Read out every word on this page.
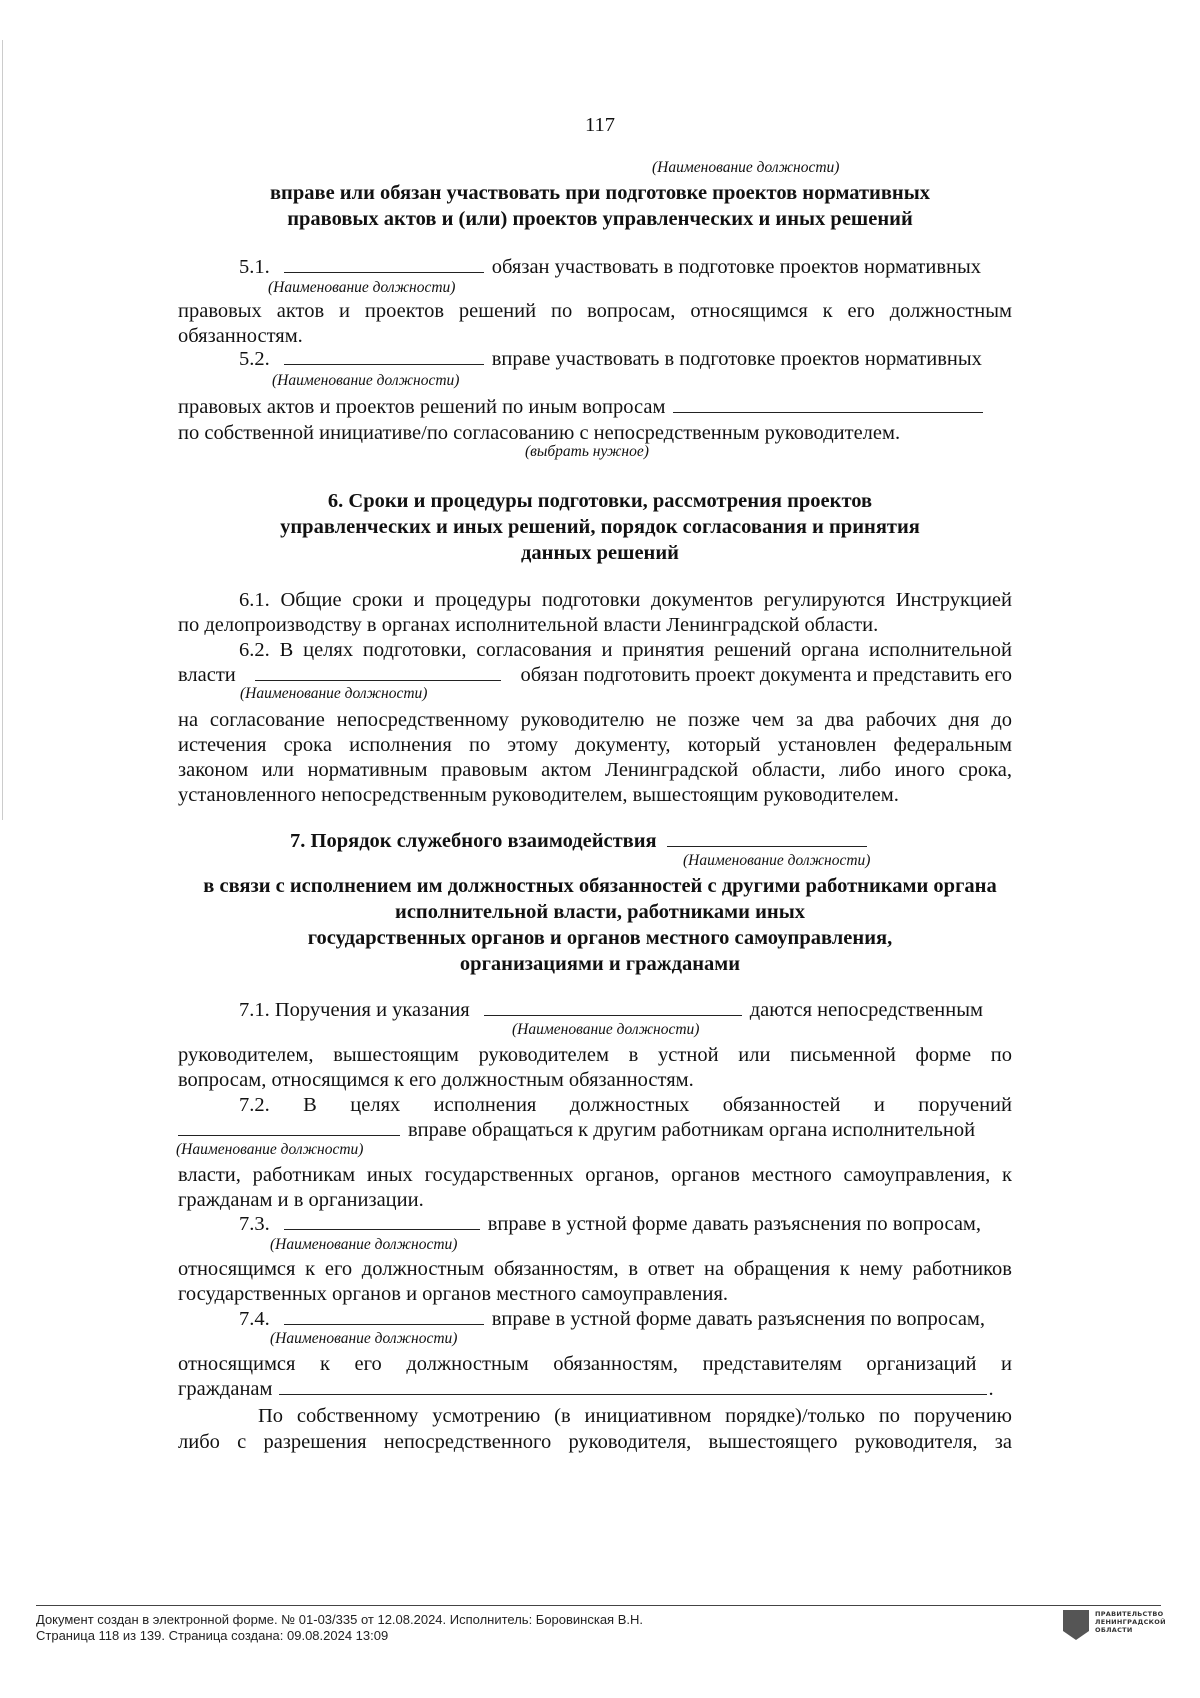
117
(Наименование должности)
вправе или обязан участвовать при подготовке проектов нормативных
правовых актов и (или) проектов управленческих и иных решений
5.1.	обязан участвовать в подготовке проектов нормативных
(Наименование должности)
правовых актов и проектов решений по вопросам, относящимся к его должностным
обязанностям.
5.2.	вправе участвовать в подготовке проектов нормативных
(Наименование должности)
правовых актов и проектов решений по иным вопросам
по собственной инициативе/по согласованию с непосредственным руководителем.
(выбрать нужное)
6. Сроки и процедуры подготовки, рассмотрения проектов
управленческих и иных решений, порядок согласования и принятия
данных решений
6.1. Общие сроки и процедуры подготовки документов регулируются Инструкцией
по делопроизводству в органах исполнительной власти Ленинградской области.
6.2. В целях подготовки, согласования и принятия решений органа исполнительной
власти	обязан подготовить проект документа и представить его
(Наименование должности)
на согласование непосредственному руководителю не позже чем за два рабочих дня до
истечения срока исполнения по этому документу, который установлен федеральным
законом или нормативным правовым актом Ленинградской области, либо иного срока,
установленного непосредственным руководителем, вышестоящим руководителем.
7. Порядок служебного взаимодействия
(Наименование должности)
в связи с исполнением им должностных обязанностей с другими работниками органа
исполнительной власти, работниками иных
государственных органов и органов местного самоуправления,
организациями и гражданами
7.1. Поручения и указания	даются непосредственным
(Наименование должности)
руководителем, вышестоящим руководителем в устной или письменной форме по
вопросам, относящимся к его должностным обязанностям.
7.2. В целях исполнения должностных обязанностей и поручений
вправе обращаться к другим работникам органа исполнительной
(Наименование должности)
власти, работникам иных государственных органов, органов местного самоуправления, к
гражданам и в организации.
7.3.	вправе в устной форме давать разъяснения по вопросам,
(Наименование должности)
относящимся к его должностным обязанностям, в ответ на обращения к нему работников
государственных органов и органов местного самоуправления.
7.4.	вправе в устной форме давать разъяснения по вопросам,
(Наименование должности)
относящимся к его должностным обязанностям, представителям организаций и
гражданам	.
По собственному усмотрению (в инициативном порядке)/только по поручению
либо с разрешения непосредственного руководителя, вышестоящего руководителя, за
Документ создан в электронной форме. № 01-03/335 от 12.08.2024. Исполнитель: Боровинская В.Н.
Страница 118 из 139. Страница создана: 09.08.2024 13:09
ПРАВИТЕЛЬСТВО
ЛЕНИНГРАДСКОЙ
ОБЛАСТИ
